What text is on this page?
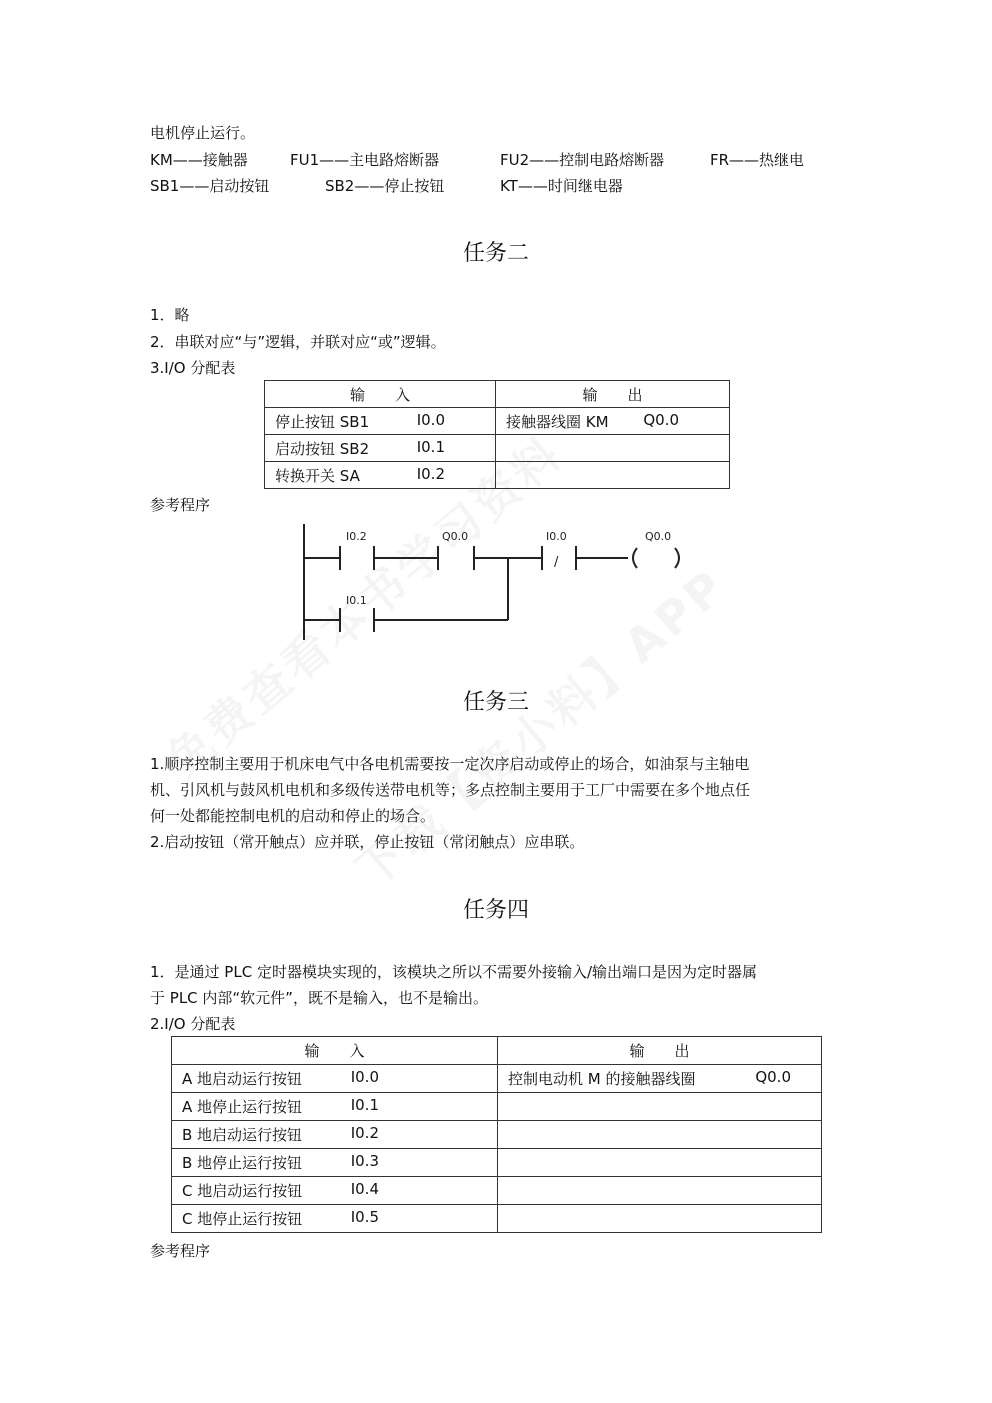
电机停止运行。
KM——接触器	FU1——主电路熔断器	FU2——控制电路熔断器	FR——热继电
SB1——启动按钮	SB2——停止按钮	KT——时间继电器
任务二
1．略
2．串联对应“与”逻辑，并联对应“或”逻辑。
3.I/O 分配表
输　　入	输　　出

停止按钮 SB1 I0.0	接触器线圈 KM Q0.0

启动按钮 SB2 I0.1	

转换开关 SA I0.2	

参考程序
I0.2	Q0.0	I0.0	Q0.0
I0.1
/
任务三
1.顺序控制主要用于机床电气中各电机需要按一定次序启动或停止的场合，如油泵与主轴电
机、引风机与鼓风机电机和多级传送带电机等；多点控制主要用于工厂中需要在多个地点任
何一处都能控制电机的启动和停止的场合。
2.启动按钮（常开触点）应并联，停止按钮（常闭触点）应串联。
任务四
1．是通过 PLC 定时器模块实现的，该模块之所以不需要外接输入/输出端口是因为定时器属
于 PLC 内部“软元件”，既不是输入，也不是输出。
2.I/O 分配表
输　　入	输　　出

A 地启动运行按钮 I0.0	控制电动机 M 的接触器线圈 Q0.0

A 地停止运行按钮 I0.1	

B 地启动运行按钮 I0.2	

B 地停止运行按钮 I0.3	

C 地启动运行按钮 I0.4	

C 地停止运行按钮 I0.5	

参考程序
